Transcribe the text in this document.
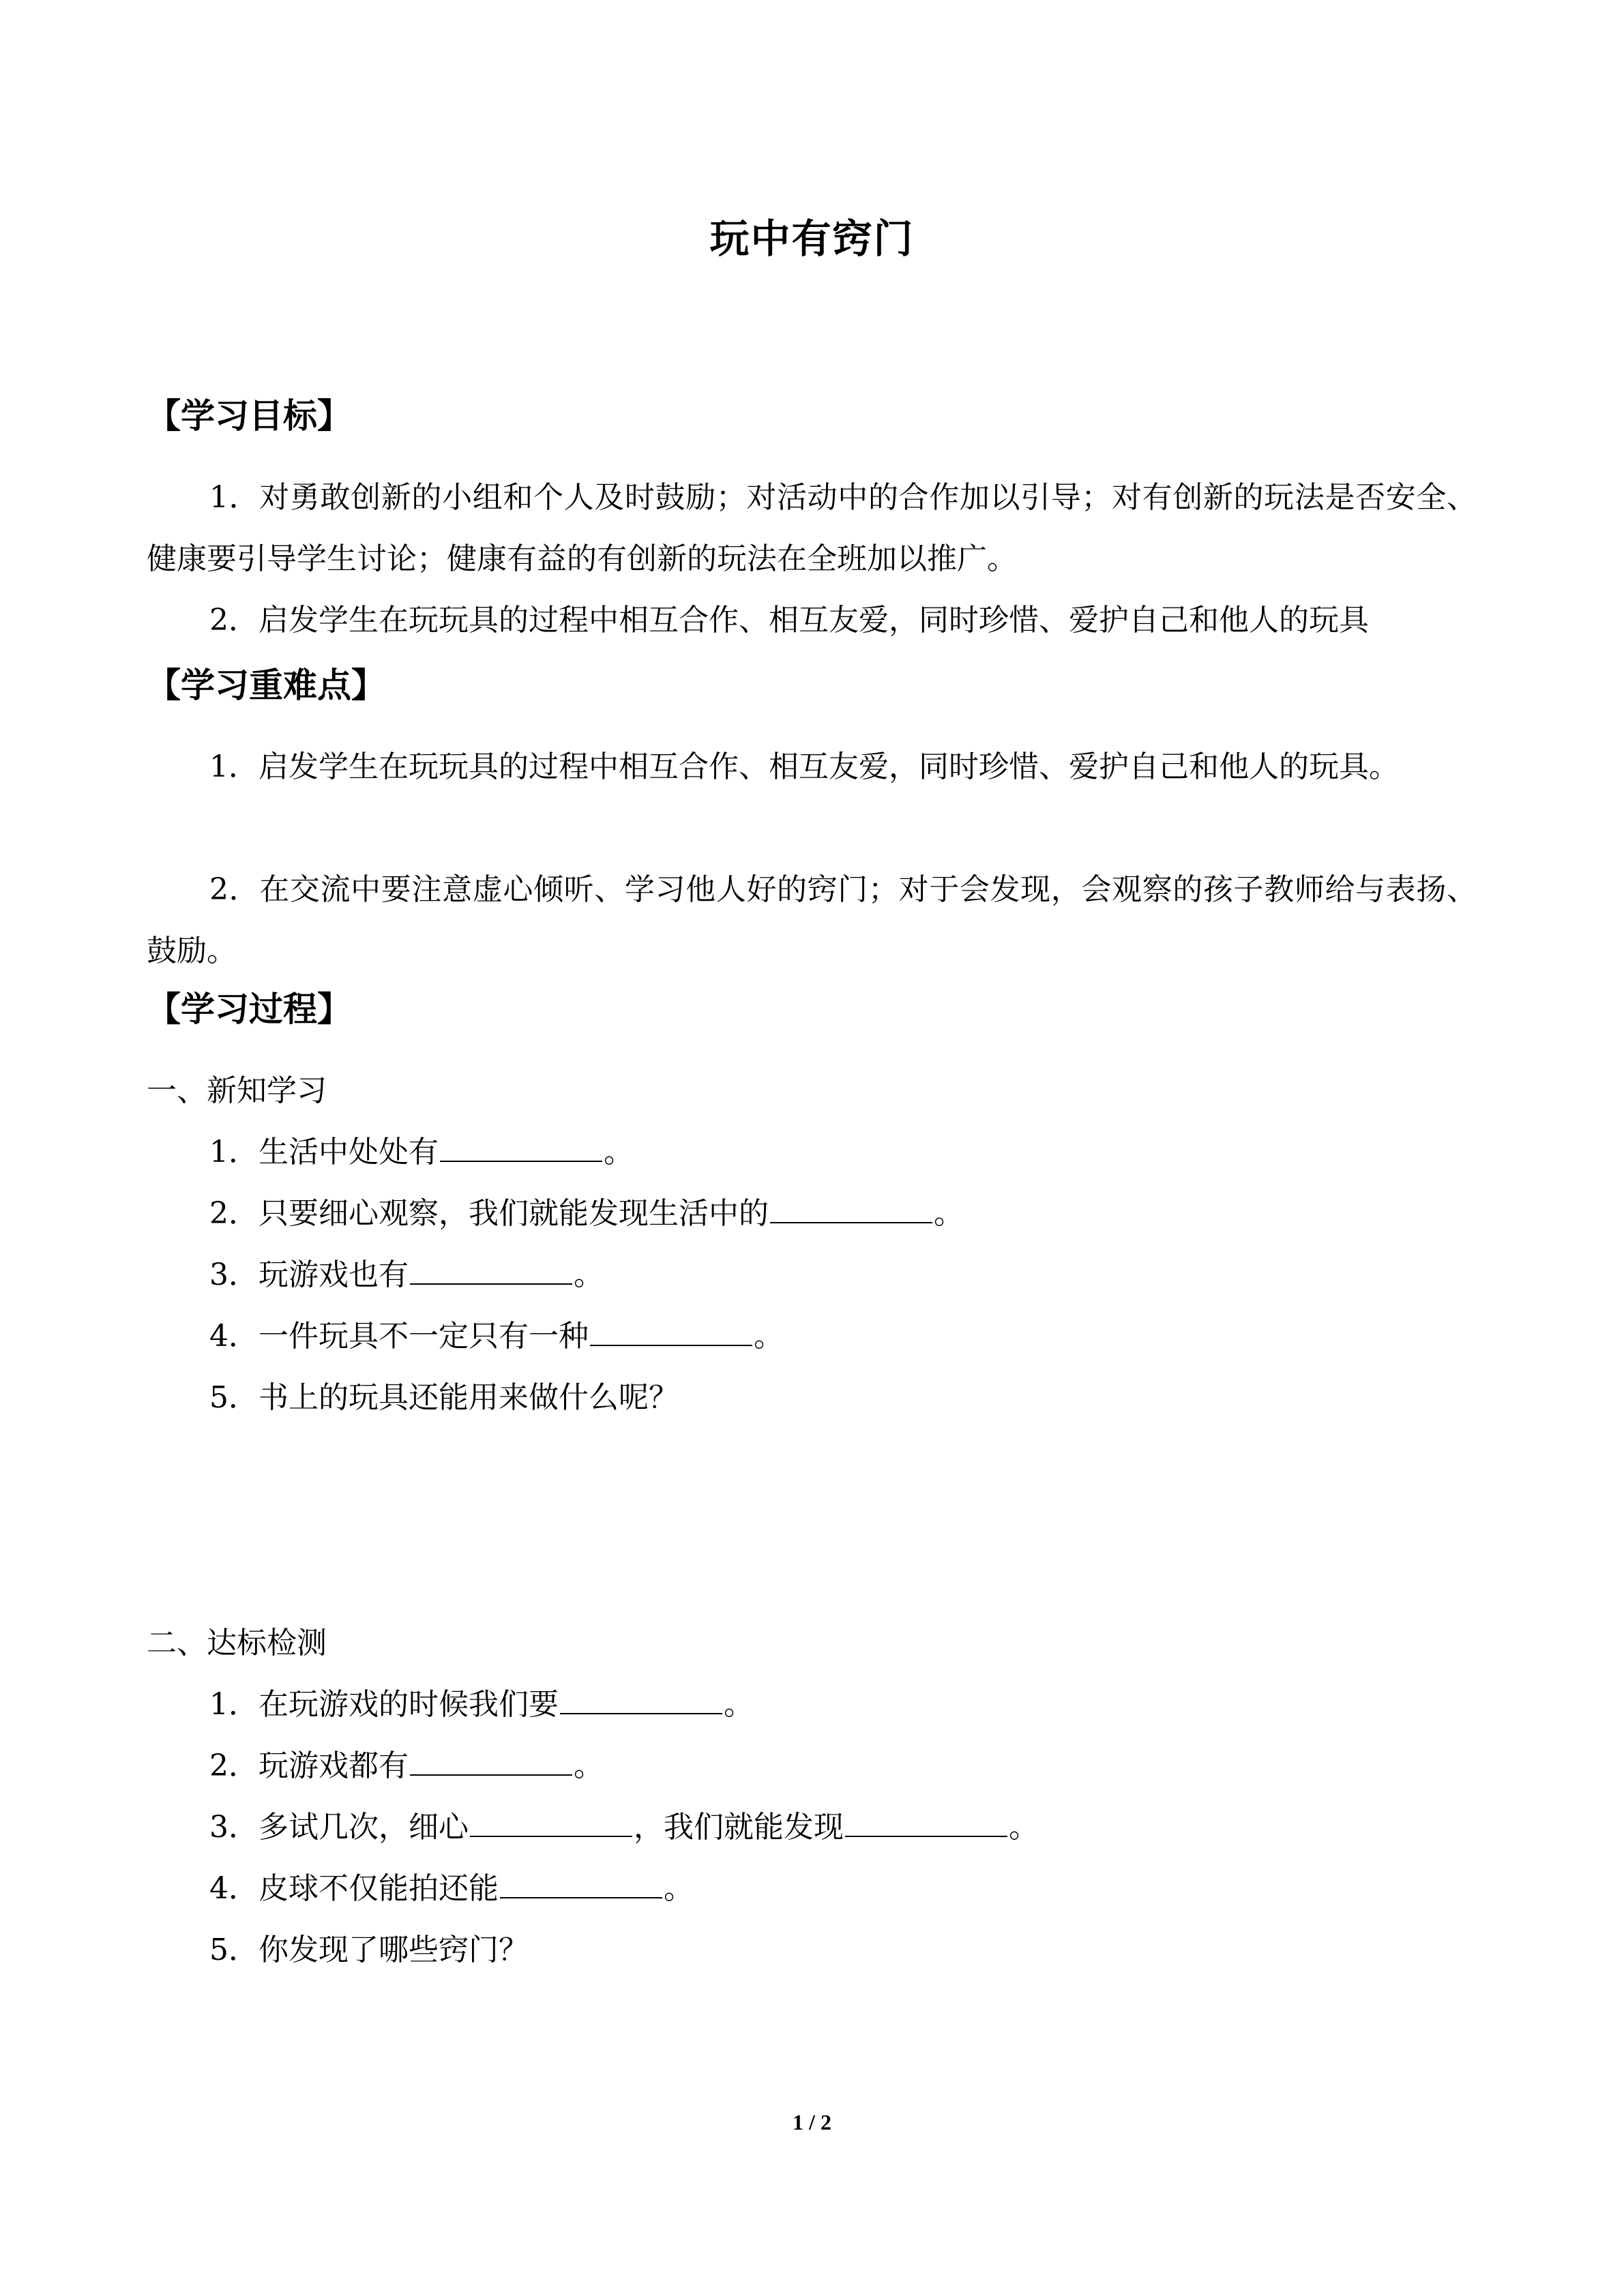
玩中有窍门
【学习目标】
1．对勇敢创新的小组和个人及时鼓励；对活动中的合作加以引导；对有创新的玩法是否安全、健康要引导学生讨论；健康有益的有创新的玩法在全班加以推广。
2．启发学生在玩玩具的过程中相互合作、相互友爱，同时珍惜、爱护自己和他人的玩具
【学习重难点】
1．启发学生在玩玩具的过程中相互合作、相互友爱，同时珍惜、爱护自己和他人的玩具。
2．在交流中要注意虚心倾听、学习他人好的窍门；对于会发现，会观察的孩子教师给与表扬、鼓励。
【学习过程】
一、新知学习
1．生活中处处有	。
2．只要细心观察，我们就能发现生活中的	。
3．玩游戏也有	。
4．一件玩具不一定只有一种	。
5．书上的玩具还能用来做什么呢？
二、达标检测
1．在玩游戏的时候我们要	。
2．玩游戏都有	。
3．多试几次，细心	，我们就能发现	。
4．皮球不仅能拍还能	。
5．你发现了哪些窍门？
1 / 2
